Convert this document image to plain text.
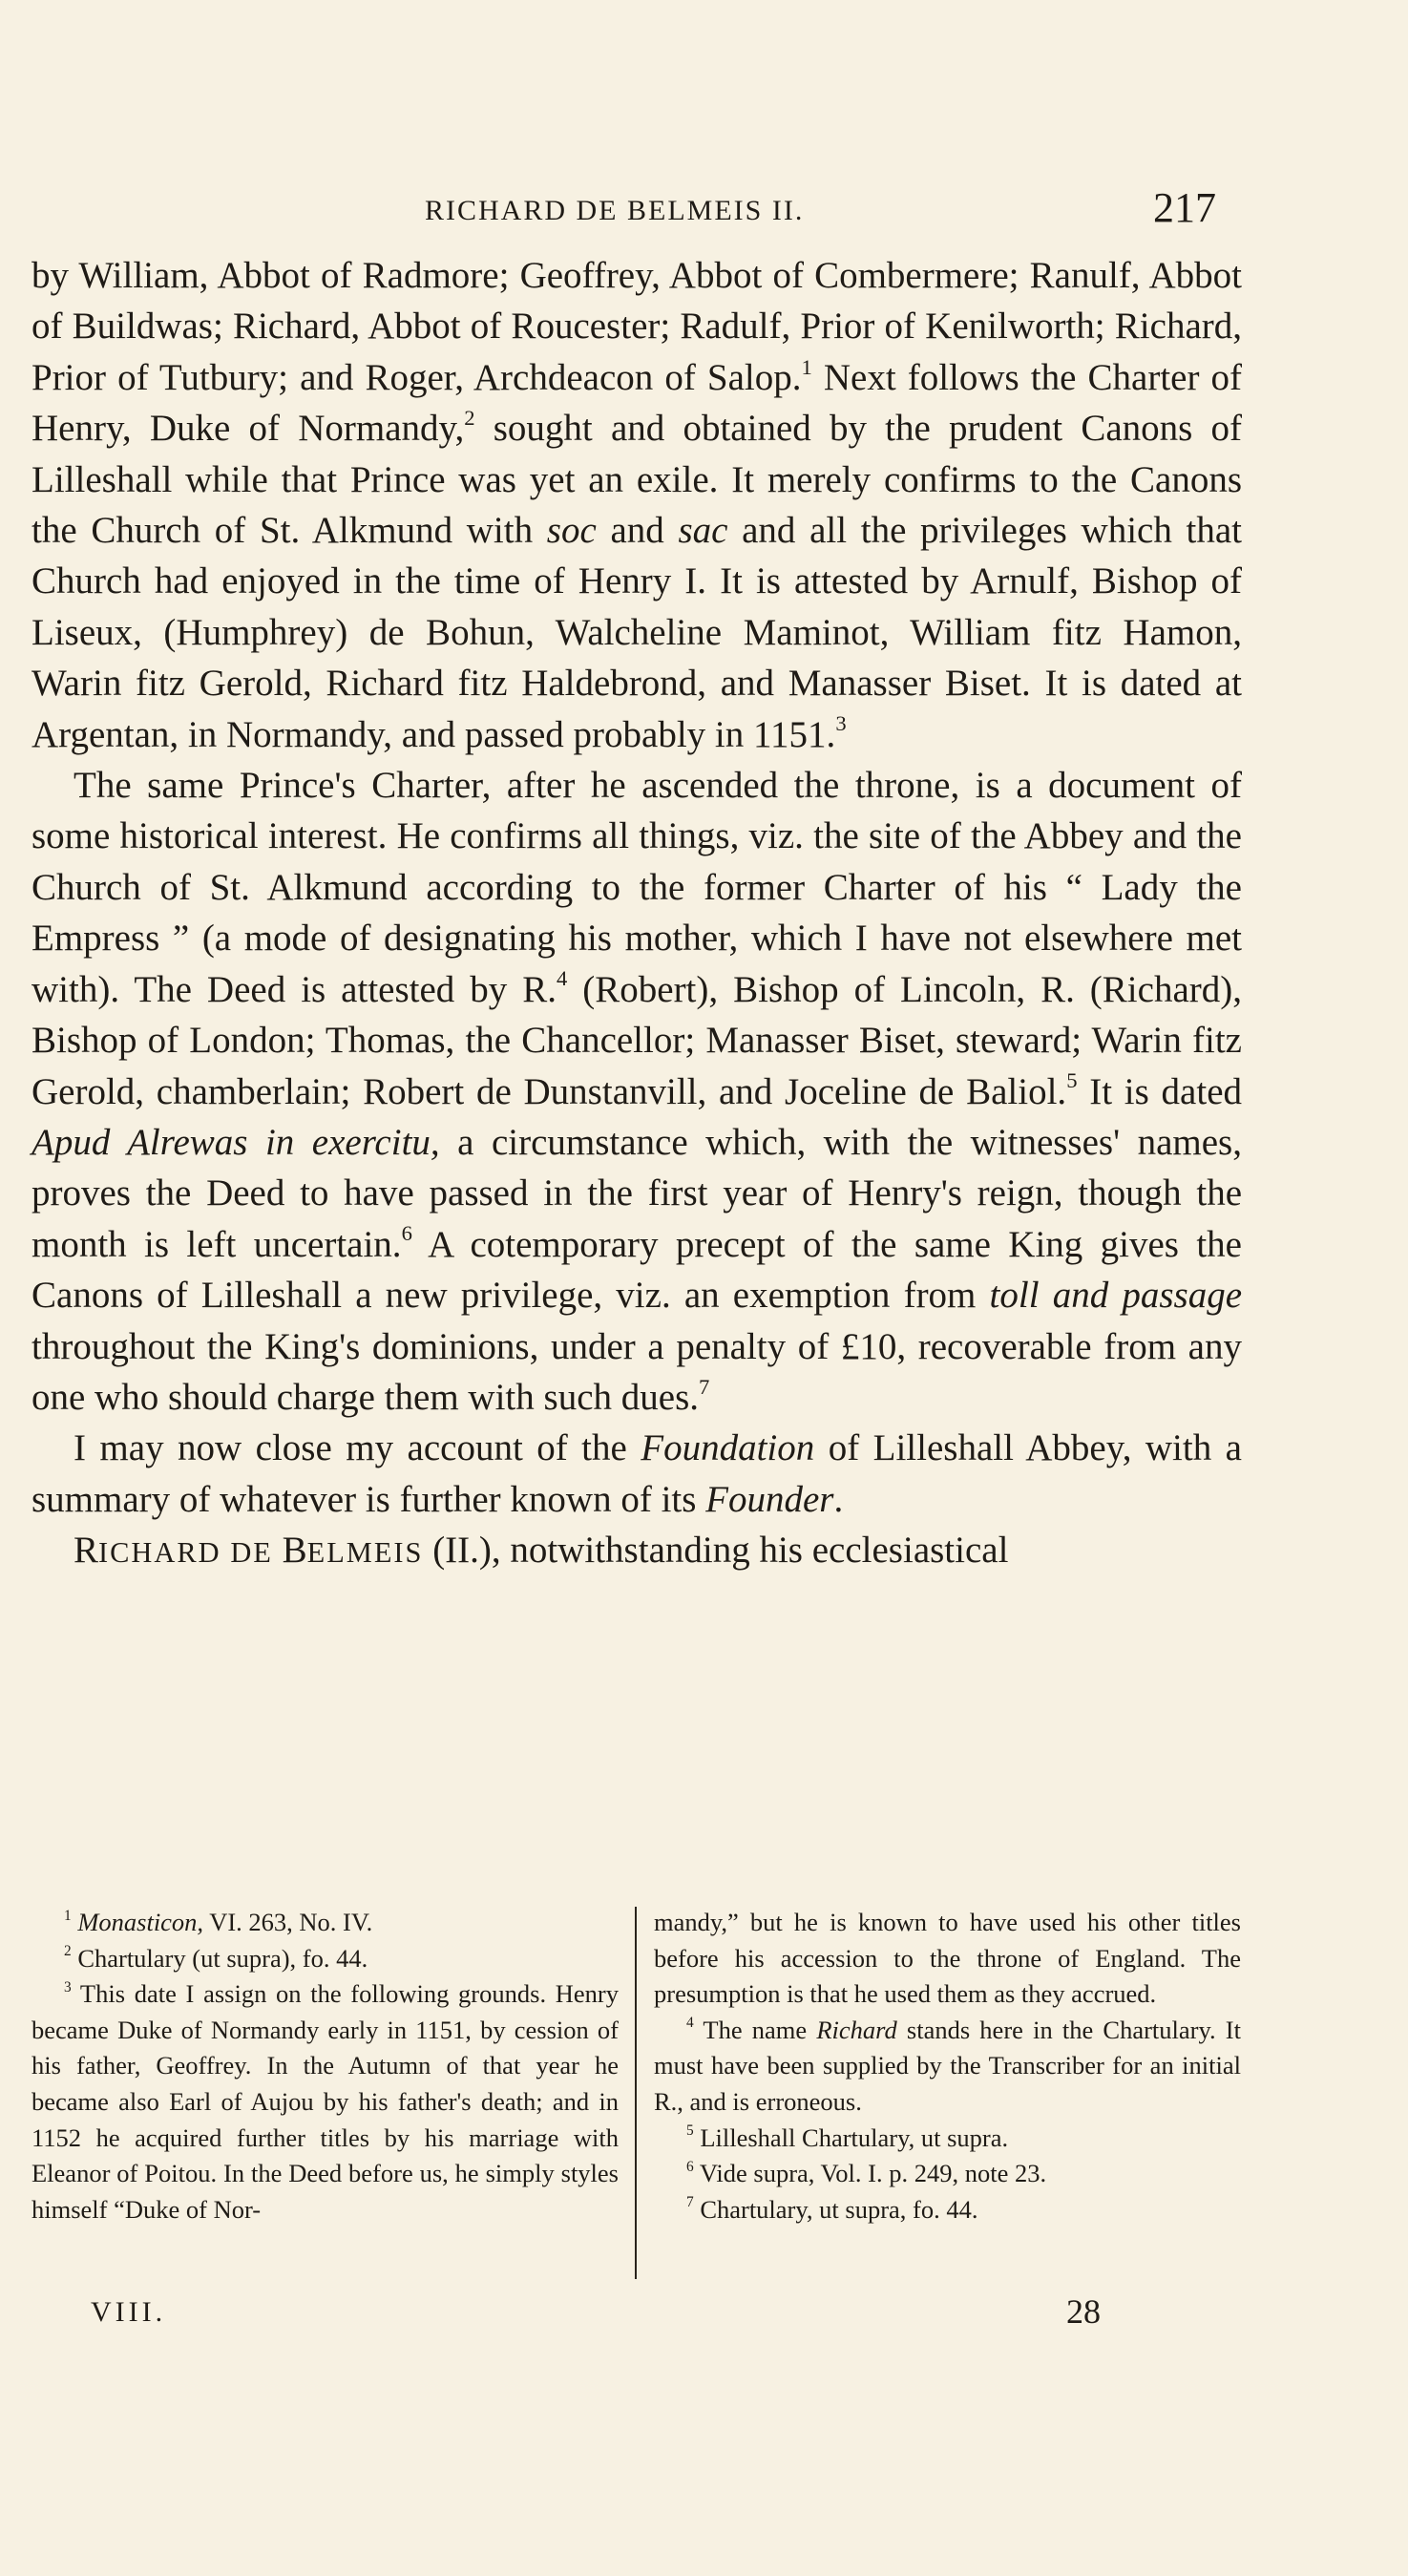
RICHARD DE BELMEIS II.	217

by William, Abbot of Radmore; Geoffrey, Abbot of Combermere; Ranulf, Abbot of Buildwas; Richard, Abbot of Roucester; Radulf, Prior of Kenilworth; Richard, Prior of Tutbury; and Roger, Archdeacon of Salop.$^1$ Next follows the Charter of Henry, Duke of Normandy,$^2$ sought and obtained by the prudent Canons of Lilleshall while that Prince was yet an exile. It merely confirms to the Canons the Church of St. Alkmund with soc and sac and all the privileges which that Church had enjoyed in the time of Henry I. It is attested by Arnulf, Bishop of Liseux, (Humphrey) de Bohun, Walcheline Maminot, William fitz Hamon, Warin fitz Gerold, Richard fitz Haldebrond, and Manasser Biset. It is dated at Argentan, in Normandy, and passed probably in 1151.$^3$

The same Prince's Charter, after he ascended the throne, is a document of some historical interest. He confirms all things, viz. the site of the Abbey and the Church of St. Alkmund according to the former Charter of his “ Lady the Empress ” (a mode of designating his mother, which I have not elsewhere met with). The Deed is attested by R.$^4$ (Robert), Bishop of Lincoln, R. (Richard), Bishop of London; Thomas, the Chancellor; Manasser Biset, steward; Warin fitz Gerold, chamberlain; Robert de Dunstanvill, and Joceline de Baliol.$^5$ It is dated Apud Alrewas in exercitu, a circumstance which, with the witnesses' names, proves the Deed to have passed in the first year of Henry's reign, though the month is left uncertain.$^6$ A cotemporary precept of the same King gives the Canons of Lilleshall a new privilege, viz. an exemption from toll and passage throughout the King's dominions, under a penalty of £10, recoverable from any one who should charge them with such dues.$^7$

I may now close my account of the Foundation of Lilleshall Abbey, with a summary of whatever is further known of its Founder.

RICHARD DE BELMEIS (II.), notwithstanding his ecclesiastical

$^1$ Monasticon, VI. 263, No. IV.

$^2$ Chartulary (ut supra), fo. 44.

$^3$ This date I assign on the following grounds. Henry became Duke of Normandy early in 1151, by cession of his father, Geoffrey. In the Autumn of that year he became also Earl of Aujou by his father's death; and in 1152 he acquired further titles by his marriage with Eleanor of Poitou. In the Deed before us, he simply styles himself “Duke of Nor-

mandy,” but he is known to have used his other titles before his accession to the throne of England. The presumption is that he used them as they accrued.

$^4$ The name Richard stands here in the Chartulary. It must have been supplied by the Transcriber for an initial R., and is erroneous.

$^5$ Lilleshall Chartulary, ut supra.

$^6$ Vide supra, Vol. I. p. 249, note 23.

$^7$ Chartulary, ut supra, fo. 44.

VIII.	28
